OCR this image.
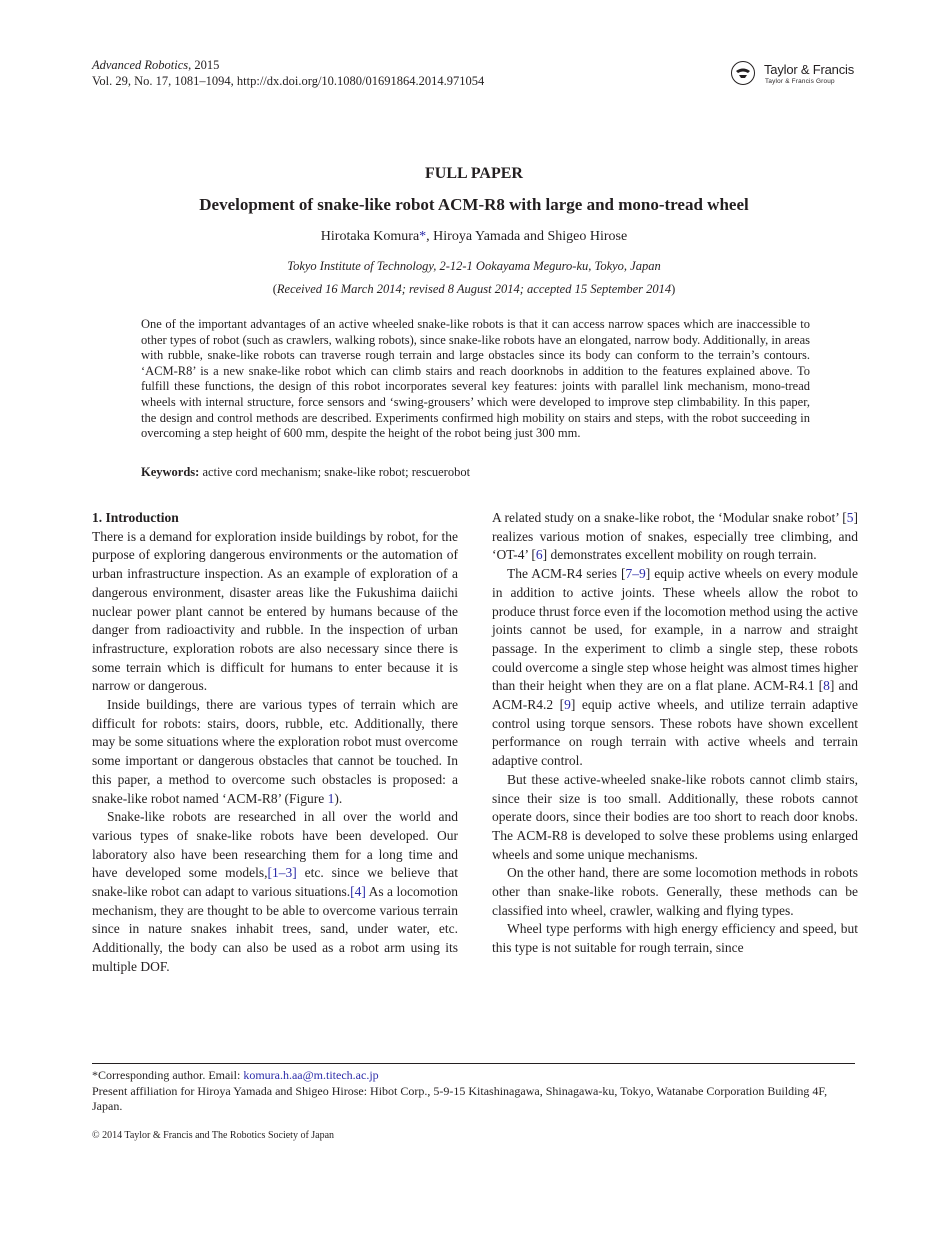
Advanced Robotics, 2015
Vol. 29, No. 17, 1081–1094, http://dx.doi.org/10.1080/01691864.2014.971054
Taylor & Francis
Taylor & Francis Group
FULL PAPER
Development of snake-like robot ACM-R8 with large and mono-tread wheel
Hirotaka Komura*, Hiroya Yamada and Shigeo Hirose
Tokyo Institute of Technology, 2-12-1 Ookayama Meguro-ku, Tokyo, Japan
(Received 16 March 2014; revised 8 August 2014; accepted 15 September 2014)

One of the important advantages of an active wheeled snake-like robots is that it can access narrow spaces which are inaccessible to other types of robot (such as crawlers, walking robots), since snake-like robots have an elongated, narrow body. Additionally, in areas with rubble, snake-like robots can traverse rough terrain and large obstacles since its body can conform to the terrain’s contours. ‘ACM-R8’ is a new snake-like robot which can climb stairs and reach doorknobs in addition to the features explained above. To fulfill these functions, the design of this robot incorporates several key features: joints with parallel link mechanism, mono-tread wheels with internal structure, force sensors and ‘swing-grousers’ which were developed to improve step climbability. In this paper, the design and control methods are described. Experiments confirmed high mobility on stairs and steps, with the robot succeeding in overcoming a step height of 600 mm, despite the height of the robot being just 300 mm.

Keywords: active cord mechanism; snake-like robot; rescuerobot

1. Introduction

There is a demand for exploration inside buildings by robot, for the purpose of exploring dangerous environments or the automation of urban infrastructure inspection. As an example of exploration of a dangerous environment, disaster areas like the Fukushima daiichi nuclear power plant cannot be entered by humans because of the danger from radioactivity and rubble. In the inspection of urban infrastructure, exploration robots are also necessary since there is some terrain which is difficult for humans to enter because it is narrow or dangerous.

Inside buildings, there are various types of terrain which are difficult for robots: stairs, doors, rubble, etc. Additionally, there may be some situations where the exploration robot must overcome some important or dangerous obstacles that cannot be touched. In this paper, a method to overcome such obstacles is proposed: a snake-like robot named ‘ACM-R8’ (Figure 1).

Snake-like robots are researched in all over the world and various types of snake-like robots have been developed. Our laboratory also have been researching them for a long time and have developed some models,[1–3] etc. since we believe that snake-like robot can adapt to various situations.[4] As a locomotion mechanism, they are thought to be able to overcome various terrain since in nature snakes inhabit trees, sand, under water, etc. Additionally, the body can also be used as a robot arm using its multiple DOF.

A related study on a snake-like robot, the ‘Modular snake robot’ [5] realizes various motion of snakes, especially tree climbing, and ‘OT-4’ [6] demonstrates excellent mobility on rough terrain.

The ACM-R4 series [7–9] equip active wheels on every module in addition to active joints. These wheels allow the robot to produce thrust force even if the locomotion method using the active joints cannot be used, for example, in a narrow and straight passage. In the experiment to climb a single step, these robots could overcome a single step whose height was almost times higher than their height when they are on a flat plane. ACM-R4.1 [8] and ACM-R4.2 [9] equip active wheels, and utilize terrain adaptive control using torque sensors. These robots have shown excellent performance on rough terrain with active wheels and terrain adaptive control.

But these active-wheeled snake-like robots cannot climb stairs, since their size is too small. Additionally, these robots cannot operate doors, since their bodies are too short to reach door knobs. The ACM-R8 is developed to solve these problems using enlarged wheels and some unique mechanisms.

On the other hand, there are some locomotion methods in robots other than snake-like robots. Generally, these methods can be classified into wheel, crawler, walking and flying types.

Wheel type performs with high energy efficiency and speed, but this type is not suitable for rough terrain, since

*Corresponding author. Email: komura.h.aa@m.titech.ac.jp

Present affiliation for Hiroya Yamada and Shigeo Hirose: Hibot Corp., 5-9-15 Kitashinagawa, Shinagawa-ku, Tokyo, Watanabe Corporation Building 4F, Japan.

© 2014 Taylor & Francis and The Robotics Society of Japan
